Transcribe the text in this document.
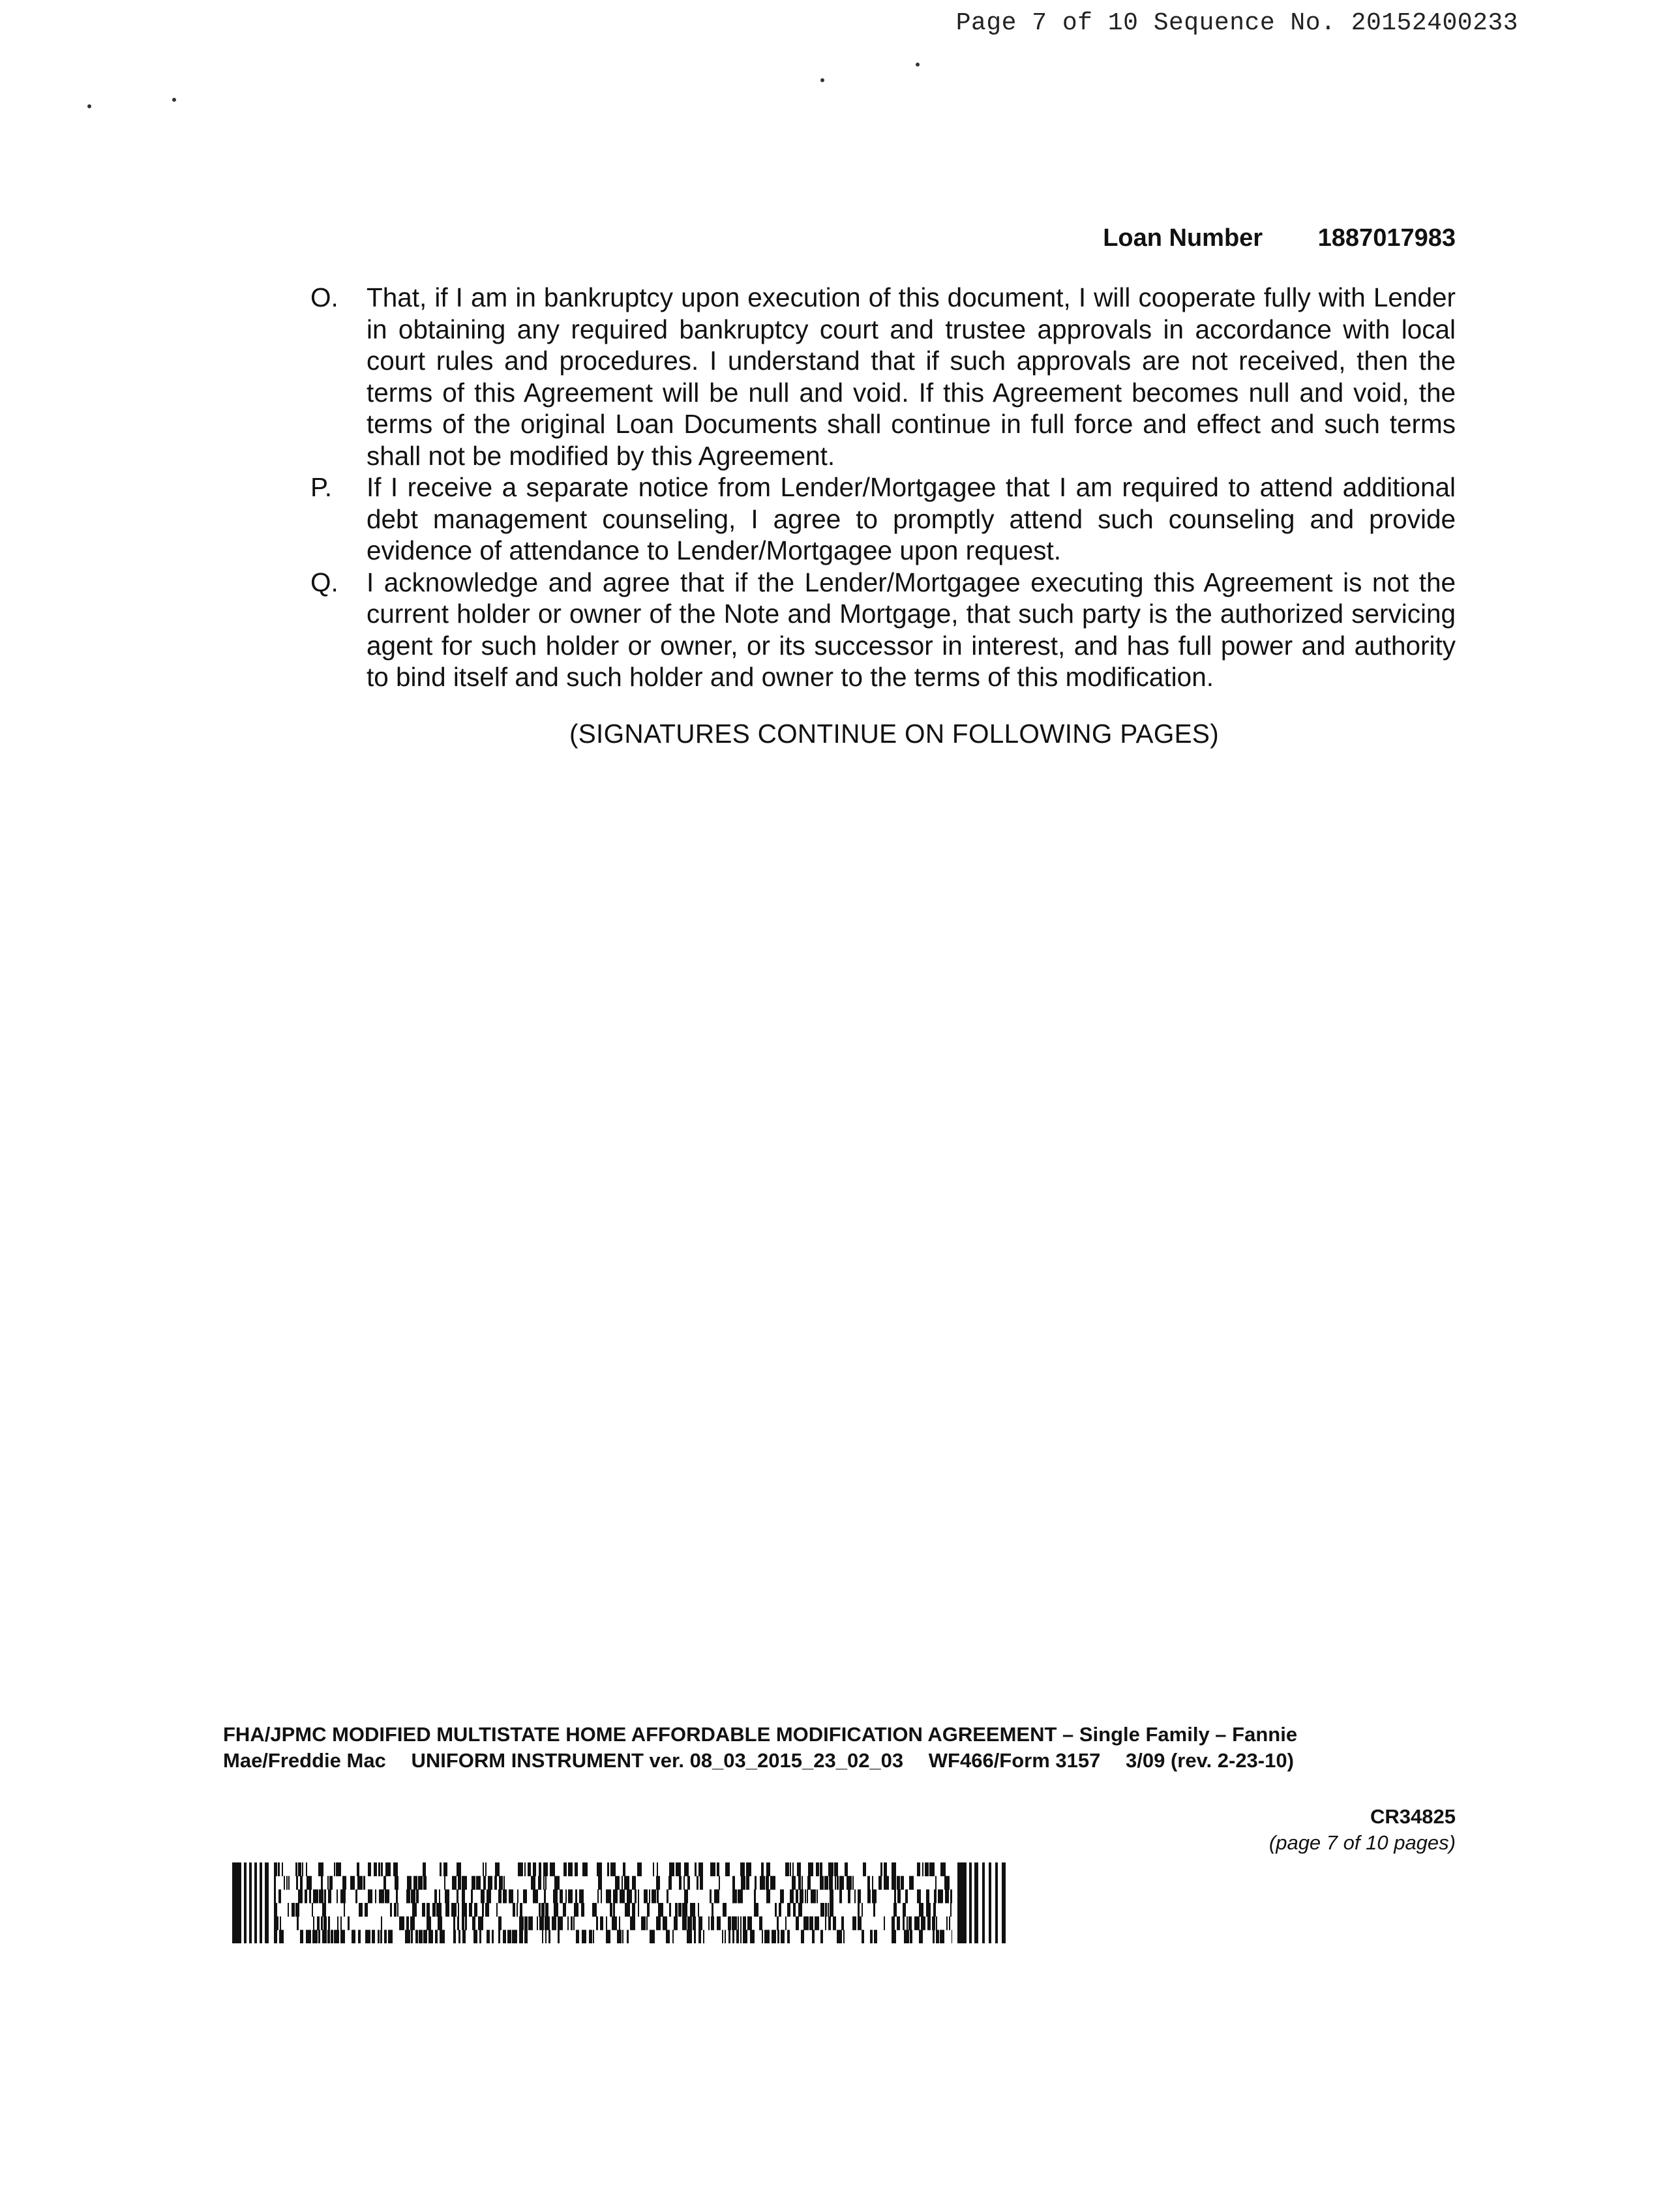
Page 7 of 10 Sequence No. 20152400233
Loan Number 1887017983
O.	That, if I am in bankruptcy upon execution of this document, I will cooperate fully with Lender in obtaining any required bankruptcy court and trustee approvals in accordance with local court rules and procedures. I understand that if such approvals are not received, then the terms of this Agreement will be null and void. If this Agreement becomes null and void, the terms of the original Loan Documents shall continue in full force and effect and such terms shall not be modified by this Agreement.
P.	If I receive a separate notice from Lender/Mortgagee that I am required to attend additional debt management counseling, I agree to promptly attend such counseling and provide evidence of attendance to Lender/Mortgagee upon request.
Q.	I acknowledge and agree that if the Lender/Mortgagee executing this Agreement is not the current holder or owner of the Note and Mortgage, that such party is the authorized servicing agent for such holder or owner, or its successor in interest, and has full power and authority to bind itself and such holder and owner to the terms of this modification.
(SIGNATURES CONTINUE ON FOLLOWING PAGES)
FHA/JPMC MODIFIED MULTISTATE HOME AFFORDABLE MODIFICATION AGREEMENT – Single Family – Fannie
Mae/Freddie Mac UNIFORM INSTRUMENT ver. 08_03_2015_23_02_03 WF466/Form 3157 3/09 (rev. 2-23-10)
CR34825
(page 7 of 10 pages)
